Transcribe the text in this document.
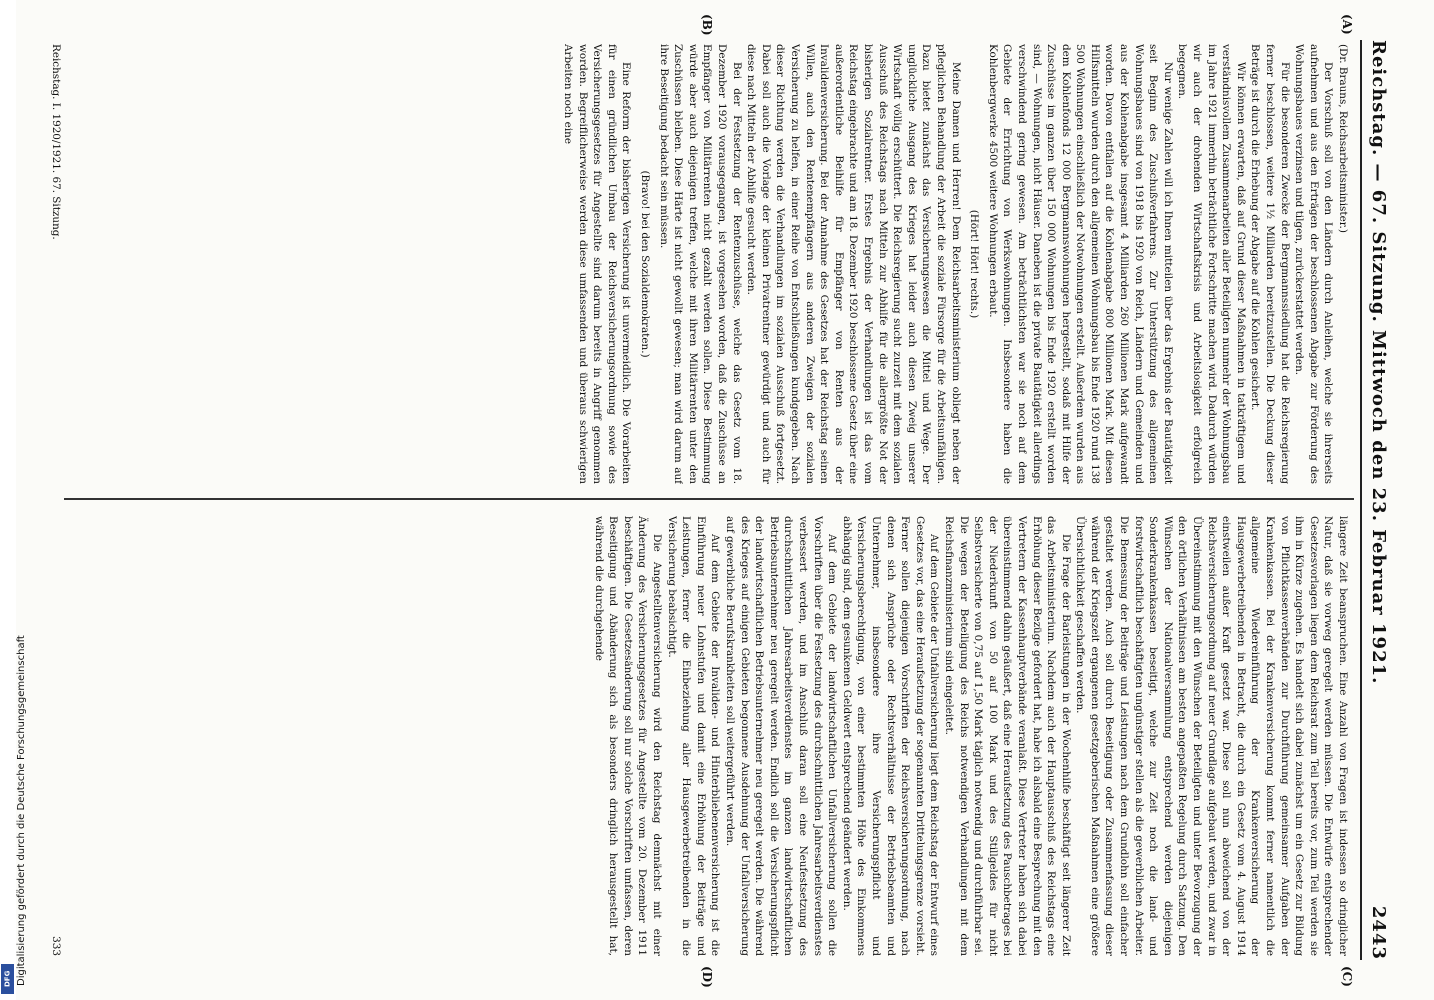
Reichstag. — 67. Sitzung. Mittwoch den 23. Februar 1921.
2443
(A)
(B)
(C)
(D)

(Dr. Brauns, Reichsarbeitsminister.)

Der Vorschuß soll von den Ländern durch Anleihen, welche sie ihrerseits aufnehmen und aus den Erträgen der beschlossenen Abgabe zur Förderung des Wohnungsbaues verzinsen und tilgen, zurückerstattet werden.

Für die besonderen Zwecke der Bergmannssiedlung hat die Reichsregierung ferner beschlossen, weitere 1½ Milliarden bereitzustellen. Die Deckung dieser Beträge ist durch die Erhebung der Abgabe auf die Kohlen gesichert.

Wir können erwarten, daß auf Grund dieser Maßnahmen in tatkräftigem und verständnisvollem Zusammenarbeiten aller Beteiligten nunmehr der Wohnungsbau im Jahre 1921 immerhin beträchtliche Fortschritte machen wird. Dadurch würden wir auch der drohenden Wirtschaftskrisis und Arbeitslosigkeit erfolgreich begegnen.

Nur wenige Zahlen will ich Ihnen mitteilen über das Ergebnis der Bautätigkeit seit Beginn des Zuschußverfahrens. Zur Unterstützung des allgemeinen Wohnungsbaues sind von 1918 bis 1920 von Reich, Ländern und Gemeinden und aus der Kohlenabgabe insgesamt 4 Milliarden 260 Millionen Mark aufgewandt worden. Davon entfallen auf die Kohlenabgabe 800 Millionen Mark. Mit diesen Hilfsmitteln wurden durch den allgemeinen Wohnungsbau bis Ende 1920 rund 138 500 Wohnungen einschließlich der Notwohnungen erstellt. Außerdem wurden aus dem Kohlenfonds 12 000 Bergmannswohnungen hergestellt, sodaß mit Hilfe der Zuschüsse im ganzen über 150 000 Wohnungen bis Ende 1920 erstellt worden sind, — Wohnungen, nicht Häuser. Daneben ist die private Bautätigkeit allerdings verschwindend gering gewesen. Am beträchtlichsten war sie noch auf dem Gebiete der Errichtung von Werkswohnungen. Insbesondere haben die Kohlenbergwerke 4500 weitere Wohnungen erbaut.

(Hört! Hört! rechts.)

Meine Damen und Herren! Dem Reichsarbeitsministerium obliegt neben der pfleglichen Behandlung der Arbeit die soziale Fürsorge für die Arbeitsunfähigen. Dazu bietet zunächst das Versicherungswesen die Mittel und Wege. Der unglückliche Ausgang des Krieges hat leider auch diesen Zweig unserer Wirtschaft völlig erschüttert. Die Reichsregierung sucht zurzeit mit dem sozialen Ausschuß des Reichstags nach Mitteln zur Abhilfe für die allergrößte Not der bisherigen Sozialrentner. Erstes Ergebnis der Verhandlungen ist das vom Reichstag eingebrachte und am 18. Dezember 1920 beschlossene Gesetz über eine außerordentliche Beihilfe für Empfänger von Renten aus der Invalidenversicherung. Bei der Annahme des Gesetzes hat der Reichstag seinen Willen, auch den Rentenempfängern aus anderen Zweigen der sozialen Versicherung zu helfen, in einer Reihe von Entschließungen kundgegeben. Nach dieser Richtung werden die Verhandlungen im sozialen Ausschuß fortgesetzt. Dabei soll auch die Vorlage der kleinen Privatrentner gewürdigt und auch für diese nach Mitteln der Abhilfe gesucht werden.

Bei der Festsetzung der Rentenzuschüsse, welche das Gesetz vom 18. Dezember 1920 vorausgegangen, ist vorgesehen worden, daß die Zuschüsse an Empfänger von Militärrenten nicht gezahlt werden sollen. Diese Bestimmung würde aber auch diejenigen treffen, welche mit ihren Militärrenten unter den Zuschüssen bleiben. Diese Härte ist nicht gewollt gewesen; man wird darum auf ihre Beseitigung bedacht sein müssen.

(Bravo! bei den Sozialdemokraten.)

Eine Reform der bisherigen Versicherung ist unvermeidlich. Die Vorarbeiten für einen gründlichen Umbau der Reichsversicherungsordnung sowie des Versicherungsgesetzes für Angestellte sind darum bereits in Angriff genommen worden. Begreiflicherweise werden diese umfassenden und überaus schwierigen Arbeiten noch eine

längere Zeit beanspruchen. Eine Anzahl von Fragen ist indessen so dringlicher Natur, daß sie vorweg geregelt werden müssen. Die Entwürfe entsprechender Gesetzesvorlagen liegen dem Reichsrat zum Teil bereits vor, zum Teil werden sie ihm in Kürze zugehen. Es handelt sich dabei zunächst um ein Gesetz zur Bildung von Pflichtkassenverbänden zur Durchführung gemeinsamer Aufgaben der Krankenkassen. Bei der Krankenversicherung kommt ferner namentlich die allgemeine Wiedereinführung der Krankenversicherung der Hausgewerbetreibenden in Betracht, die durch ein Gesetz vom 4. August 1914 einstweilen außer Kraft gesetzt war. Diese soll nun abweichend von der Reichsversicherungsordnung auf neuer Grundlage aufgebaut werden, und zwar in Übereinstimmung mit den Wünschen der Beteiligten und unter Bevorzugung der den örtlichen Verhältnissen am besten angepaßten Regelung durch Satzung. Den Wünschen der Nationalversammlung entsprechend werden diejenigen Sonderkrankenkassen beseitigt, welche zur Zeit noch die land- und forstwirtschaftlich beschäftigten ungünstiger stellen als die gewerblichen Arbeiter. Die Bemessung der Beiträge und Leistungen nach dem Grundlohn soll einfacher gestaltet werden. Auch soll durch Beseitigung oder Zusammenfassung dieser während der Kriegszeit ergangenen gesetzgeberischen Maßnahmen eine größere Übersichtlichkeit geschaffen werden.

Die Frage der Barleistungen in der Wochenhilfe beschäftigt seit längerer Zeit das Arbeitsministerium. Nachdem auch der Hauptausschuß des Reichstags eine Erhöhung dieser Bezüge gefordert hat, habe ich alsbald eine Besprechung mit den Vertretern der Kassenhauptverbände veranlaßt. Diese Vertreter haben sich dabei übereinstimmend dahin geäußert, daß eine Heraufsetzung des Pauschbetrages bei der Niederkunft von 50 auf 100 Mark und des Stillgeldes für nicht Selbstversicherte von 0,75 auf 1,50 Mark täglich notwendig und durchführbar sei. Die wegen der Beteiligung des Reichs notwendigen Verhandlungen mit dem Reichsfinanzministerium sind eingeleitet.

Auf dem Gebiete der Unfallversicherung liegt dem Reichstag der Entwurf eines Gesetzes vor, das eine Heraufsetzung der sogenannten Drittelungsgrenze vorsieht. Ferner sollen diejenigen Vorschriften der Reichsversicherungsordnung, nach denen sich Ansprüche oder Rechtsverhältnisse der Betriebsbeamten und Unternehmer, insbesondere ihre Versicherungspflicht und Versicherungsberechtigung, von einer bestimmten Höhe des Einkommens abhängig sind, dem gesunkenen Geldwert entsprechend geändert werden.

Auf dem Gebiete der landwirtschaftlichen Unfallversicherung sollen die Vorschriften über die Festsetzung des durchschnittlichen Jahresarbeitsverdienstes verbessert werden, und im Anschluß daran soll eine Neufestsetzung des durchschnittlichen Jahresarbeitsverdienstes im ganzen landwirtschaftlichen Betriebsunternehmer neu geregelt werden. Endlich soll die Versicherungspflicht der landwirtschaftlichen Betriebsunternehmer neu geregelt werden. Die während des Krieges auf einigen Gebieten begonnene Ausdehnung der Unfallversicherung auf gewerbliche Berufskrankheiten soll weitergeführt werden.

Auf dem Gebiete der Invaliden- und Hinterbliebenenversicherung ist die Einführung neuer Lohnstufen und damit eine Erhöhung der Beiträge und Leistungen, ferner die Einbeziehung aller Hausgewerbetreibenden in die Versicherung beabsichtigt.

Die Angestelltenversicherung wird den Reichstag demnächst mit einer Änderung des Versicherungsgesetzes für Angestellte vom 20. Dezember 1911 beschäftigen. Die Gesetzesänderung soll nur solche Vorschriften umfassen, deren Beseitigung und Abänderung sich als besonders dringlich herausgestellt hat, während die durchgehende

Reichstag. I. 1920/1921. 67. Sitzung.
333
Digitalisierung gefördert durch die Deutsche Forschungsgemeinschaft
DFG
